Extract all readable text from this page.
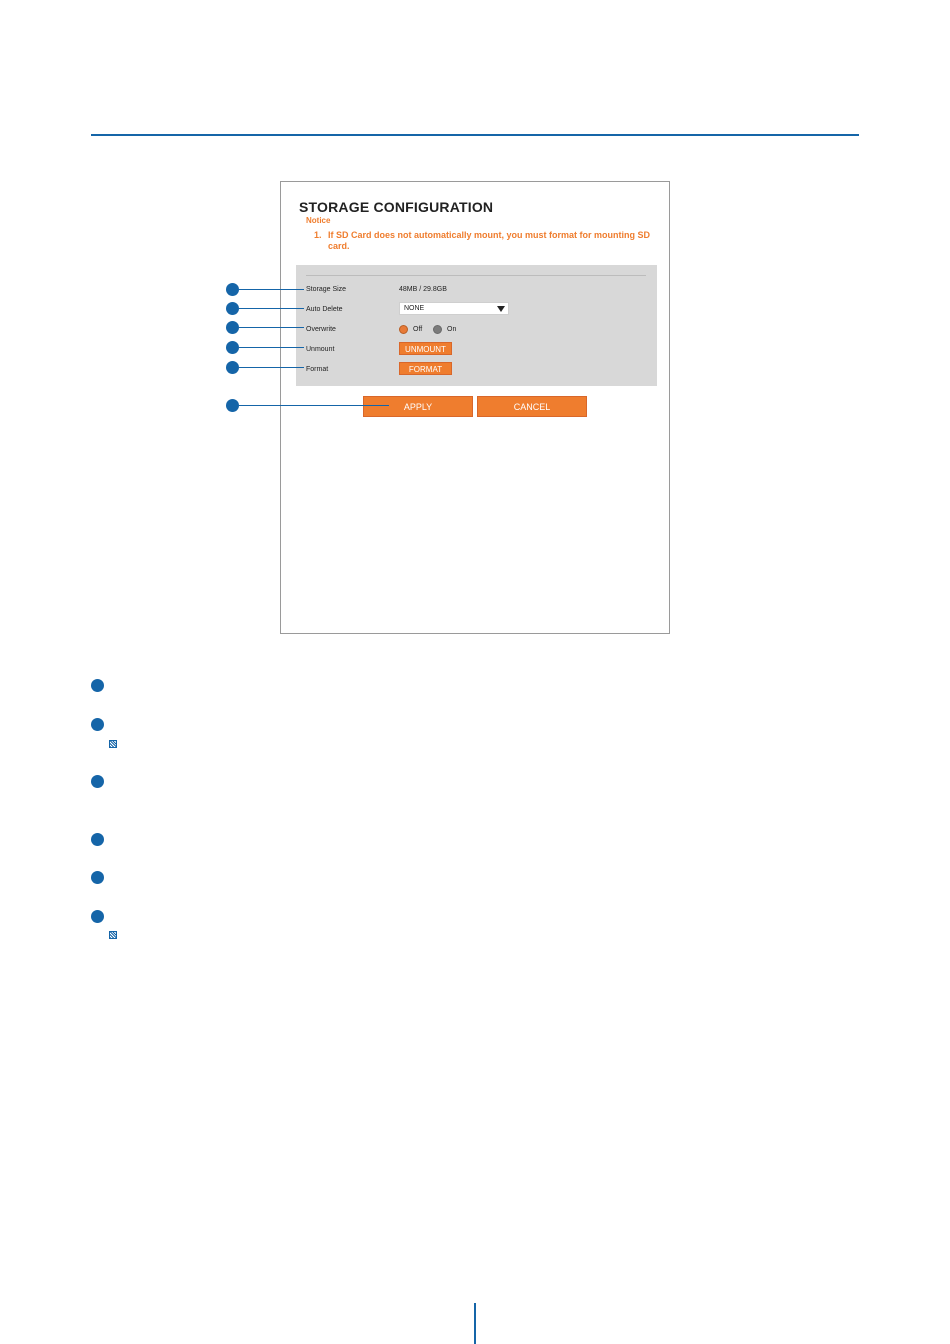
STORAGE CONFIGURATION
Notice
1. If SD Card does not automatically mount, you must format for mounting SD card.
Storage Size	48MB / 29.8GB
Auto Delete	NONE
Overwrite	Off	On
Unmount	UNMOUNT
Format	FORMAT
APPLY	CANCEL
